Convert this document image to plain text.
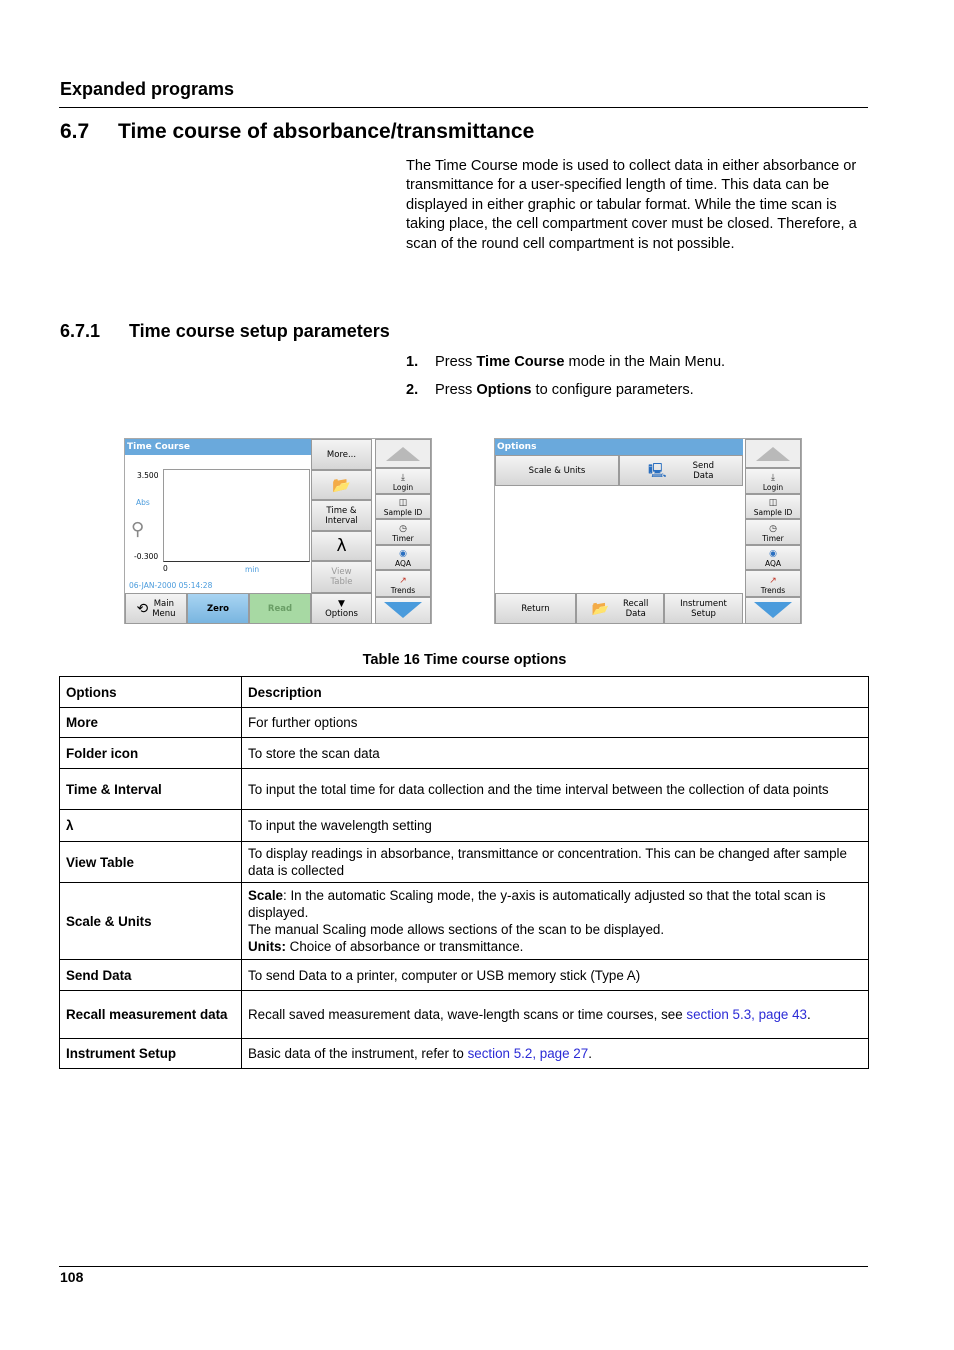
Expanded programs
6.7 Time course of absorbance/transmittance
The Time Course mode is used to collect data in either absorbance or transmittance for a user-specified length of time. This data can be displayed in either graphic or tabular format. While the time scan is taking place, the cell compartment cover must be closed. Therefore, a scan of the round cell compartment is not possible.
6.7.1 Time course setup parameters
1. Press Time Course mode in the Main Menu.
2. Press Options to configure parameters.
Time Course
3.500
Abs
⚲
-0.300
0	min
06-JAN-2000 05:14:28
More...
📂
Time &
Interval
λ
View
Table
⟲ Main
Menu	Zero	Read	▼
Options
⤓
Login
◫
Sample ID
◷
Timer
◉
AQA
↗
Trends
Options
Scale & Units	🖳	Send
Data
Return	📂 Recall
Data
Instrument
Setup
⤓
Login
◫
Sample ID
◷
Timer
◉
AQA
↗
Trends
Table 16 Time course options
Options	Description
More	For further options
Folder icon	To store the scan data
Time & Interval	To input the total time for data collection and the time interval between the collection of data points
λ	To input the wavelength setting
View Table	To display readings in absorbance, transmittance or concentration. This can be changed after sample data is collected
Scale & Units	Scale: In the automatic Scaling mode, the y-axis is automatically adjusted so that the total scan is displayed.
The manual Scaling mode allows sections of the scan to be displayed.
Units: Choice of absorbance or transmittance.
Send Data	To send Data to a printer, computer or USB memory stick (Type A)
Recall measurement data	Recall saved measurement data, wave-length scans or time courses, see section 5.3, page 43.
Instrument Setup	Basic data of the instrument, refer to section 5.2, page 27.
108
